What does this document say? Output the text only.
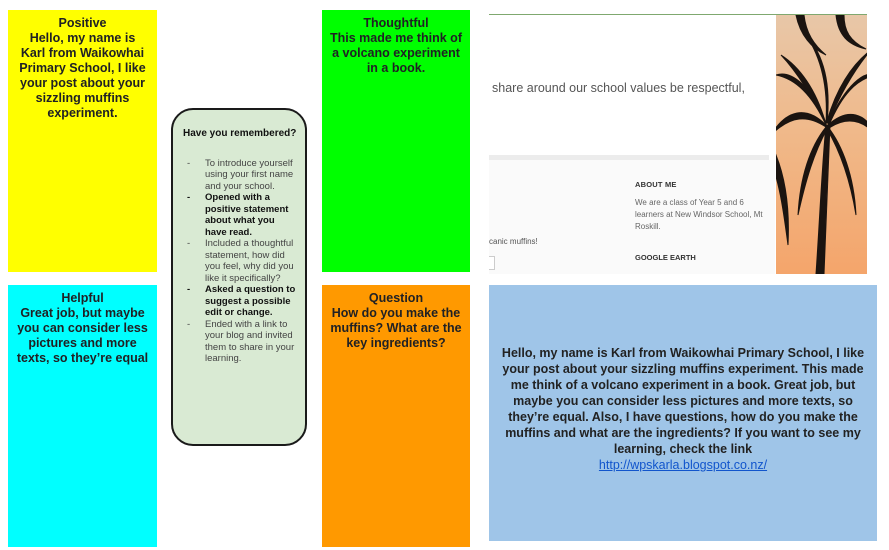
Positive
Hello, my name is Karl from Waikowhai Primary School, I like your post about your sizzling muffins experiment.
Helpful
Great job, but maybe you can consider less pictures and more texts, so they’re equal
Have you remembered?
- To introduce yourself using your first name and your school.
- Opened with a positive statement about what you have read.
- Included a thoughtful statement, how did you feel, why did you like it specifically?
- Asked a question to suggest a possible edit or change.
- Ended with a link to your blog and invited them to share in your learning.
Thoughtful
This made me think of a volcano experiment in a book.
Question
How do you make the muffins? What are the key ingredients?
share around our school values be respectful,
canic muffins!
ABOUT ME
We are a class of Year 5 and 6 learners at New Windsor School, Mt Roskill.
GOOGLE EARTH
Hello, my name is Karl from Waikowhai Primary School, I like your post about your sizzling muffins experiment. This made me think of a volcano experiment in a book. Great job, but maybe you can consider less pictures and more texts, so they’re equal. Also, I have questions, how do you make the muffins and what are the ingredients? If you want to see my learning, check the link
http://wpskarla.blogspot.co.nz/
